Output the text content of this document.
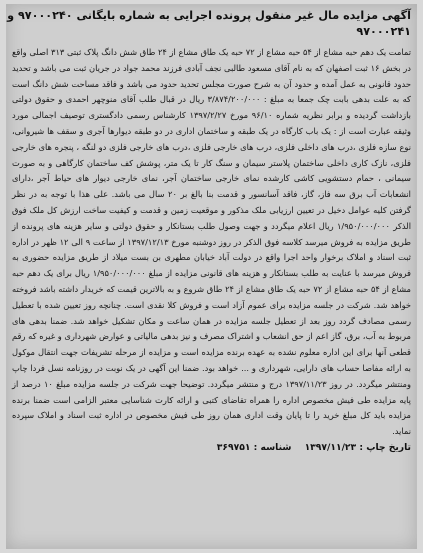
آگهی مزایده مال غیر منقول پرونده اجرایی به شماره بایگانی ۹۷۰۰۰۲۴۰ و
۹۷۰۰۰۲۴۱

تمامت یک دهم حبه مشاع از ۵۴ حبه مشاع از ۷۲ حبه یک طاق مشاع از ۲۴ طاق شش دانگ پلاک ثبتی ۳۱۳ اصلی واقع در بخش ۱۶ ثبت اصفهان که به نام آقای مسعود طالبی نجف آبادی فرزند محمد جواد در جریان ثبت می باشد و تحدید حدود قانونی به عمل آمده و حدود آن به شرح صورت مجلس تحدید حدود می باشد و فاقد مساحت شش دانگ است که به علت بدهی بابت چک جمعا به مبلغ : ۳/۸۷۴/۲۰۰/۰۰۰ ریال در قبال طلب آقای منوچهر احمدی و حقوق دولتی بازداشت گردیده و برابر نظریه شماره ۹۶/۱۰ مورخ ۱۳۹۷/۲/۲۷ کارشناس رسمی دادگستری توصیف اجمالی مورد وثیقه عبارت است از : یک باب کارگاه در یک طبقه و ساختمان اداری در دو طبقه دیوارها آجری و سقف ها شیروانی، نوع سازه فلزی ،درب های داخلی فلزی، درب های خارجی فلزی ،درب های خارجی فلزی دو لنگه ، پنجره های خارجی فلزی، نازک کاری داخلی ساختمان پلاستر سیمان و سنگ کار تا یک متر، پوشش کف ساختمان کارگاهی و به صورت سیمانی ، حمام دستشویی کاشی کارشده نمای خارجی ساختمان آجر، نمای خارجی دیوار های حیاط آجر ،دارای انشعابات آب برق سه فاز، گاز، فاقد آسانسور و قدمت بنا بالغ بر ۲۰ سال می باشد. علی هذا با توجه به در نظر گرفتن کلیه عوامل دخیل در تعیین ارزیابی ملک مذکور و موقعیت زمین و قدمت و کیفیت ساخت ارزش کل ملک فوق الذکر ۱/۹۵۰/۰۰۰/۰۰۰ ریال اعلام میگردد و جهت وصول طلب بستانکار و حقوق دولتی و سایر هزینه های پرونده از طریق مزایده به فروش میرسد کلاسه فوق الذکر در روز دوشنبه مورخ ۱۳۹۷/۱۲/۱۳ از ساعت ۹ الی ۱۲ ظهر در اداره ثبت اسناد و املاک برخوار واحد اجرا واقع در دولت آباد خیابان مطهری بن بست میلاد از طریق مزایده حضوری به فروش میرسد با عنایت به طلب بستانکار و هزینه های قانونی مزایده از مبلغ ۱/۹۵۰/۰۰۰/۰۰۰ ریال برای یک دهم حبه مشاع از ۵۴ حبه مشاع از ۷۲ حبه یک طاق مشاع از ۲۴ طاق شروع و به بالاترین قیمت که خریدار داشته باشد فروخته خواهد شد. شرکت در جلسه مزایده برای عموم آزاد است و فروش کلا نقدی است. چنانچه روز تعیین شده با تعطیل رسمی مصادف گردد روز بعد از تعطیل جلسه مزایده در همان ساعت و مکان تشکیل خواهد شد. ضمنا بدهی های مربوط به آب، برق، گاز اعم از حق انشعاب و اشتراک مصرف و نیز بدهی مالیاتی و عوارض شهرداری و غیره که رقم قطعی آنها برای این اداره معلوم نشده به عهده برنده مزایده است و مزایده از مرحله تشریفات جهت انتقال موکول به ارائه مفاصا حساب های دارایی، شهرداری و ... خواهد بود. ضمنا این آگهی در یک نوبت در روزنامه نسل فردا چاپ ومنتشر میگردد. در روز ۱۳۹۷/۱۱/۲۳ درج و منتشر میگردد. توضیحا جهت شرکت در جلسه مزایده مبلغ ۱۰ درصد از پایه مزایده طی فیش مخصوص اداره را همراه تقاضای کتبی و ارائه کارت شناسایی معتبر الزامی است ضمنا برنده مزایده باید کل مبلغ خرید را تا پایان وقت اداری همان روز طی فیش مخصوص در اداره ثبت اسناد و املاک سپرده نماید.

تاریخ چاپ : ۱۳۹۷/۱۱/۲۳ شناسه : ۳۶۹۷۵۱
